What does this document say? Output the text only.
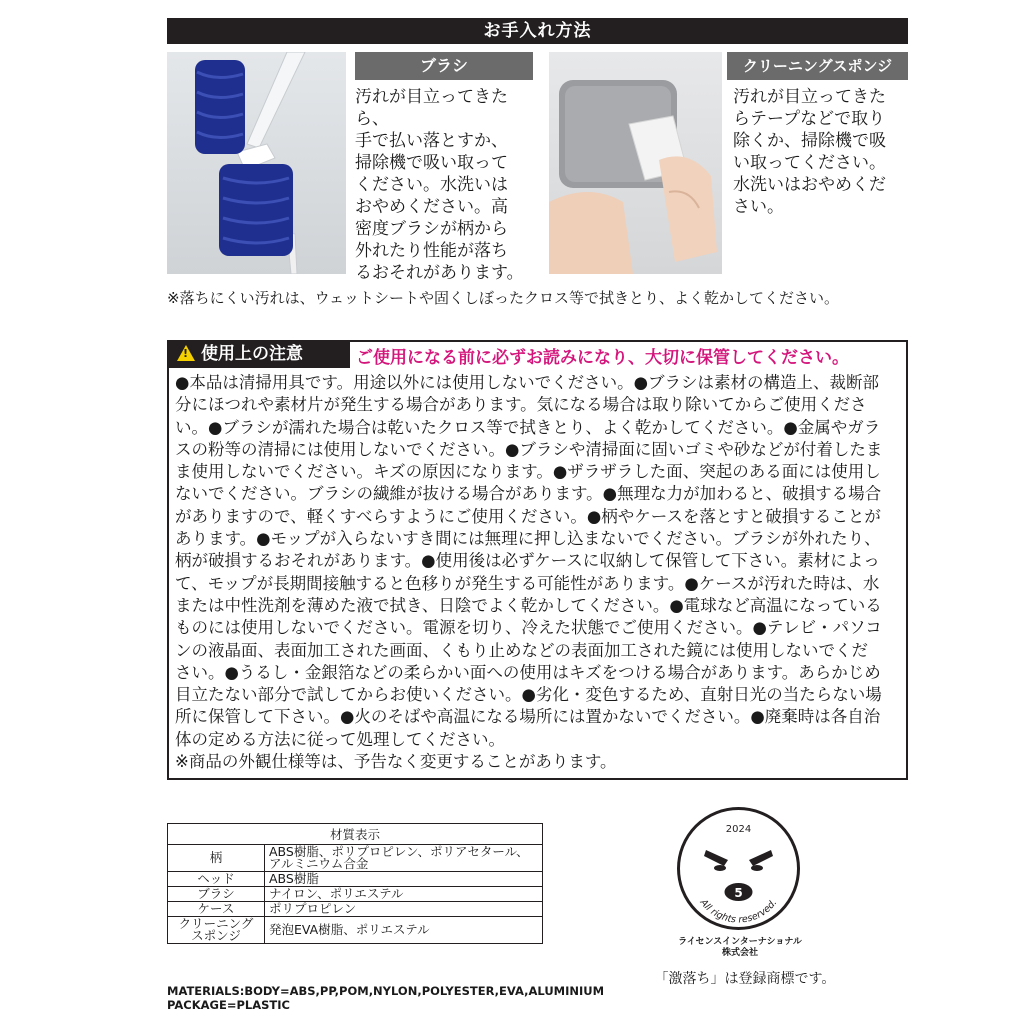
お手入れ方法
ブラシ
汚れが目立ってきたら、
手で払い落とすか、
掃除機で吸い取って
ください。水洗いは
おやめください。高
密度ブラシが柄から
外れたり性能が落ち
るおそれがあります。
クリーニングスポンジ
汚れが目立ってきた
らテープなどで取り
除くか、掃除機で吸
い取ってください。
水洗いはおやめくだ
さい。
※落ちにくい汚れは、ウェットシートや固くしぼったクロス等で拭きとり、よく乾かしてください。
!使用上の注意	ご使用になる前に必ずお読みになり、大切に保管してください。
●本品は清掃用具です。用途以外には使用しないでください。●ブラシは素材の構造上、裁断部
分にほつれや素材片が発生する場合があります。気になる場合は取り除いてからご使用くださ
い。●ブラシが濡れた場合は乾いたクロス等で拭きとり、よく乾かしてください。●金属やガラ
スの粉等の清掃には使用しないでください。●ブラシや清掃面に固いゴミや砂などが付着したま
ま使用しないでください。キズの原因になります。●ザラザラした面、突起のある面には使用し
ないでください。ブラシの繊維が抜ける場合があります。●無理な力が加わると、破損する場合
がありますので、軽くすべらすようにご使用ください。●柄やケースを落とすと破損することが
あります。●モップが入らないすき間には無理に押し込まないでください。ブラシが外れたり、
柄が破損するおそれがあります。●使用後は必ずケースに収納して保管して下さい。素材によっ
て、モップが長期間接触すると色移りが発生する可能性があります。●ケースが汚れた時は、水
または中性洗剤を薄めた液で拭き、日陰でよく乾かしてください。●電球など高温になっている
ものには使用しないでください。電源を切り、冷えた状態でご使用ください。●テレビ・パソコ
ンの液晶面、表面加工された画面、くもり止めなどの表面加工された鏡には使用しないでくだ
さい。●うるし・金銀箔などの柔らかい面への使用はキズをつける場合があります。あらかじめ
目立たない部分で試してからお使いください。●劣化・変色するため、直射日光の当たらない場
所に保管して下さい。●火のそばや高温になる場所には置かないでください。●廃棄時は各自治
体の定める方法に従って処理してください。
※商品の外観仕様等は、予告なく変更することがあります。
材質表示	
柄	ABS樹脂、ポリプロピレン、ポリアセタール、アルミニウム合金
ヘッド	ABS樹脂
ブラシ	ナイロン、ポリエステル
ケース	ポリプロピレン
クリーニング
スポンジ	発泡EVA樹脂、ポリエステル
MATERIALS:BODY=ABS,PP,POM,NYLON,POLYESTER,EVA,ALUMINIUM
PACKAGE=PLASTIC
2024
5
All rights reserved.
ライセンスインターナショナル
株式会社
「激落ち」は登録商標です。
